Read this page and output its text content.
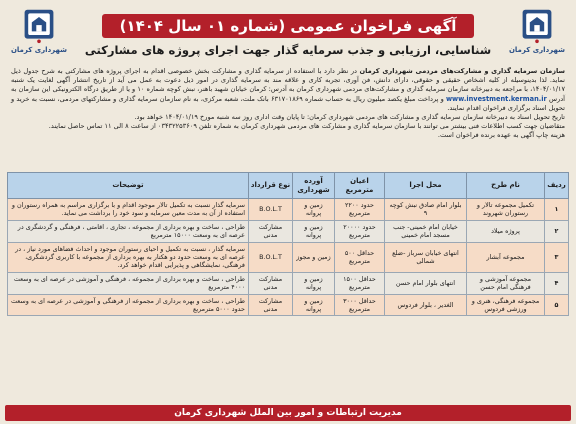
شهرداری کرمان
آگهی فراخوان عمومی (شماره ۰۱ سال ۱۴۰۴)
شناسایی، ارزیابی و جذب سرمایه گذار جهت اجرای پروژه های مشارکتی
شهرداری کرمان

سازمان سرمایه گذاری و مشارکت‌های مردمی شهرداری کرمان در نظر دارد با استفاده از سرمایه گذاری و مشارکت بخش خصوصی اقدام به اجرای پروژه های مشارکتی به شرح جدول ذیل نماید. لذا بدینوسیله از کلیه اشخاص حقیقی و حقوقی، دارای دانش، فن آوری، تجربه کاری و علاقه مند به سرمایه گذاری در امور ذیل دعوت به عمل می آید از تاریخ انتشار آگهی لغایت یک شنبه ۱۴۰۴/۰۱/۱۷، با مراجعه به دبیرخانه سازمان سرمایه گذاری و مشارکت‌های مردمی شهرداری کرمان به آدرس: کرمان خیابان شهید باهنر، نبش کوچه شماره ۱۰ و یا از طریق درگاه الکترونیکی این سازمان به آدرس www.investment.kerman.ir و پرداخت مبلغ یکصد میلیون ریال به حساب شماره ۶۳۱۷۰۱۸۶۹ بانک ملت، شعبه مرکزی، به نام سازمان سرمایه گذاری و مشارکتهای مردمی، نسبت به خرید و تحویل اسناد برگزاری فراخوان اقدام نمایند.

تاریخ تحویل اسناد به دبیرخانه سازمان سرمایه گذاری و مشارکت های مردمی شهرداری کرمان: تا پایان وقت اداری روز سه شنبه مورخ ۱۴۰۴/۰۱/۱۹ خواهد بود.

متقاضیان جهت کسب اطلاعات فنی بیشتر می توانند با سازمان سرمایه گذاری و مشارکت های مردمی شهرداری کرمان به شماره تلفن ۰۳۴۳۲۲۵۳۶۰۹ از ساعت ۸ الی ۱۱ تماس حاصل نمایند.

هزینه چاپ آگهی به عهده برنده فراخوان است.

ردیف	نام طرح	محل اجرا	اعیان مترمربع	آورده شهرداری	نوع قرارداد	توضیحات
۱	تکمیل مجموعه تالار و رستوران شهروند	بلوار امام صادق نبش کوچه ۹	حدود ۲۲۰۰ مترمربع	زمین و پروانه	B.O.L.T	سرمایه گذار نسبت به تکمیل تالار موجود اقدام و با برگزاری مراسم به همراه رستوران و استفاده از آن به مدت معین سرمایه و سود خود را برداشت می نماید.
۲	پروژه میلاد	خیابان امام خمینی- جنب مسجد امام خمینی	حدود ۲۰۰۰۰ مترمربع	زمین و پروانه	مشارکت مدنی	طراحی ، ساخت و بهره برداری از مجموعه ، تجاری ، اقامتی ، فرهنگی و گردشگری در عرصه ای به وسعت ۱۵۰۰۰ مترمربع
۳	مجموعه آبشار	انتهای خیابان سرباز -ضلع شمالی	حداقل ۵۰۰ مترمربع	زمین و مجوز	B.O.L.T	سرمایه گذار ، نسبت به تکمیل و احیای رستوران موجود و احداث فضاهای مورد نیاز ، در عرصه ای به وسعت حدود دو هکتار به بهره برداری از مجموعه با کاربری گردشگری، فرهنگی، نمایشگاهی و پذیرایی اقدام خواهد کرد.
۴	مجموعه آموزشی و فرهنگی امام حسن	انتهای بلوار امام حسن	حداقل ۱۵۰۰ مترمربع	زمین و پروانه	مشارکت مدنی	طراحی ، ساخت و بهره برداری از مجموعه ، فرهنگی و آموزشی در عرصه ای به وسعت ۴۰۰۰ مترمربع
۵	مجموعه فرهنگی، هنری و ورزشی فردوس	الغدیر ، بلوار فردوس	حداقل ۳۰۰۰ مترمربع	زمین و پروانه	مشارکت مدنی	طراحی ، ساخت و بهره برداری از مجموعه از فرهنگی و آموزشی در عرصه ای به وسعت حدود ۵۰۰۰ مترمربع
مدیریت ارتباطات و امور بین الملل شهرداری کرمان
